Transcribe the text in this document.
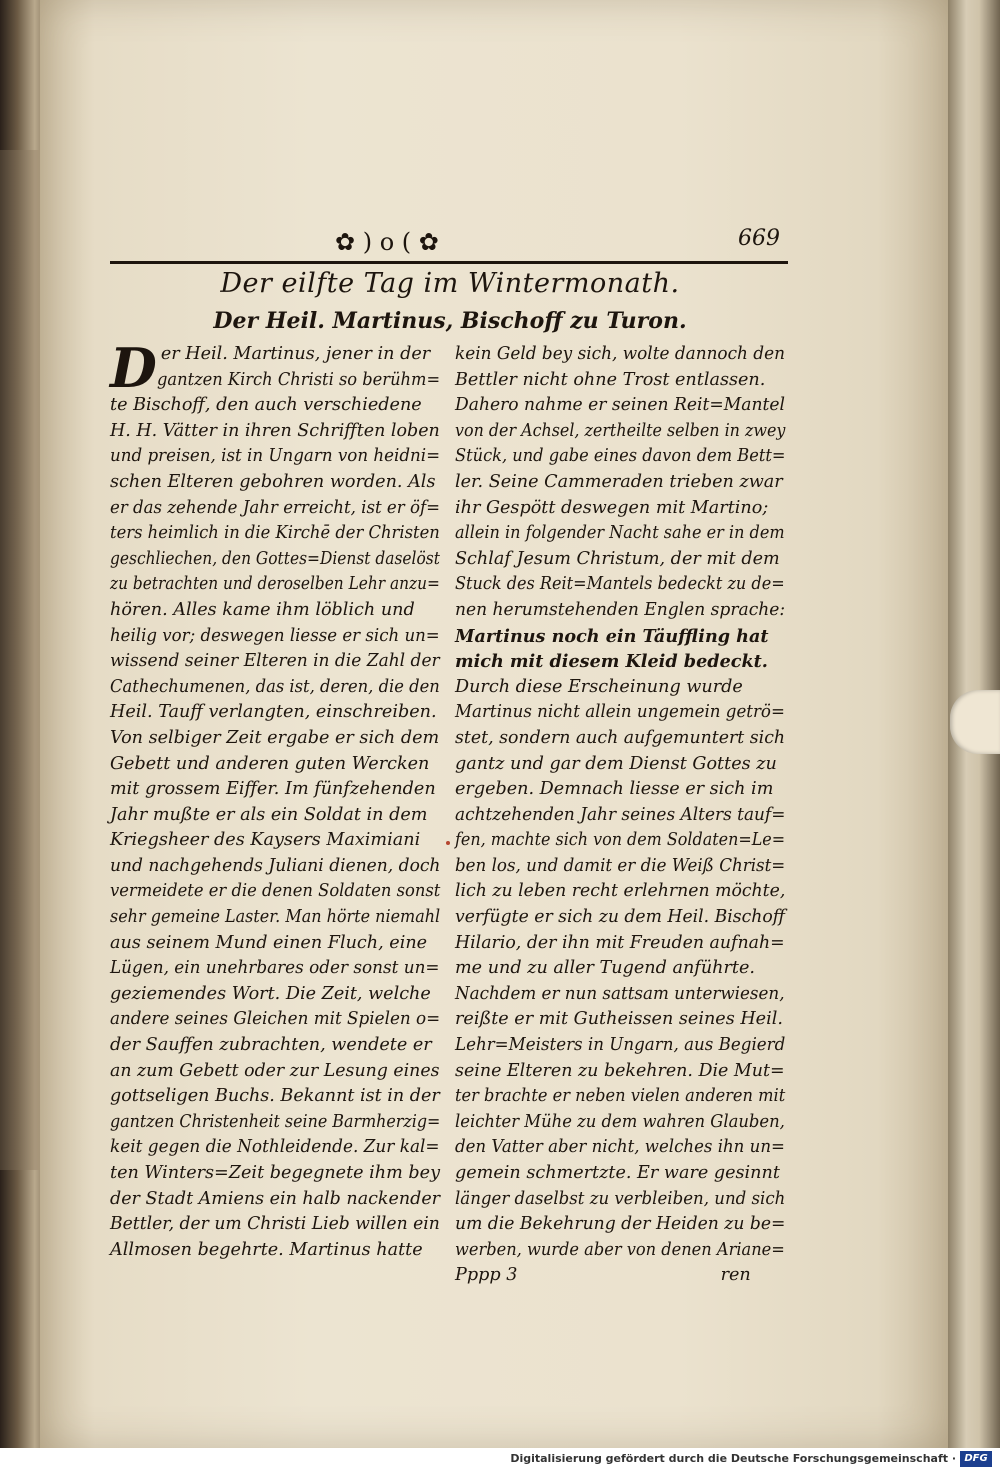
✿ ) o ( ✿	669
Der eilfte Tag im Wintermonath.
Der Heil. Martinus, Bischoff zu Turon.
D er Heil. Martinus, jener in der
gantzen Kirch Christi so berühm=
te Bischoff, den auch verschiedene
H. H. Vätter in ihren Schrifften loben
und preisen, ist in Ungarn von heidni=
schen Elteren gebohren worden. Als
er das zehende Jahr erreicht, ist er öf=
ters heimlich in die Kirchē der Christen
geschliechen, den Gottes=Dienst daselöst
zu betrachten und deroselben Lehr anzu=
hören. Alles kame ihm löblich und
heilig vor; deswegen liesse er sich un=
wissend seiner Elteren in die Zahl der
Cathechumenen, das ist, deren, die den
Heil. Tauff verlangten, einschreiben.
Von selbiger Zeit ergabe er sich dem
Gebett und anderen guten Wercken
mit grossem Eiffer. Im fünfzehenden
Jahr mußte er als ein Soldat in dem
Kriegsheer des Kaysers Maximiani
und nachgehends Juliani dienen, doch
vermeidete er die denen Soldaten sonst
sehr gemeine Laster. Man hörte niemahl
aus seinem Mund einen Fluch, eine
Lügen, ein unehrbares oder sonst un=
geziemendes Wort. Die Zeit, welche
andere seines Gleichen mit Spielen o=
der Sauffen zubrachten, wendete er
an zum Gebett oder zur Lesung eines
gottseligen Buchs. Bekannt ist in der
gantzen Christenheit seine Barmherzig=
keit gegen die Nothleidende. Zur kal=
ten Winters=Zeit begegnete ihm bey
der Stadt Amiens ein halb nackender
Bettler, der um Christi Lieb willen ein
Allmosen begehrte. Martinus hatte
kein Geld bey sich, wolte dannoch den
Bettler nicht ohne Trost entlassen.
Dahero nahme er seinen Reit=Mantel
von der Achsel, zertheilte selben in zwey
Stück, und gabe eines davon dem Bett=
ler. Seine Cammeraden trieben zwar
ihr Gespött deswegen mit Martino;
allein in folgender Nacht sahe er in dem
Schlaf Jesum Christum, der mit dem
Stuck des Reit=Mantels bedeckt zu de=
nen herumstehenden Englen sprache:
Martinus noch ein Täuffling hat
mich mit diesem Kleid bedeckt.
Durch diese Erscheinung wurde
Martinus nicht allein ungemein getrö=
stet, sondern auch aufgemuntert sich
gantz und gar dem Dienst Gottes zu
ergeben. Demnach liesse er sich im
achtzehenden Jahr seines Alters tauf=
fen, machte sich von dem Soldaten=Le=
ben los, und damit er die Weiß Christ=
lich zu leben recht erlehrnen möchte,
verfügte er sich zu dem Heil. Bischoff
Hilario, der ihn mit Freuden aufnah=
me und zu aller Tugend anführte.
Nachdem er nun sattsam unterwiesen,
reißte er mit Gutheissen seines Heil.
Lehr=Meisters in Ungarn, aus Begierd
seine Elteren zu bekehren. Die Mut=
ter brachte er neben vielen anderen mit
leichter Mühe zu dem wahren Glauben,
den Vatter aber nicht, welches ihn un=
gemein schmertzte. Er ware gesinnt
länger daselbst zu verbleiben, und sich
um die Bekehrung der Heiden zu be=
werben, wurde aber von denen Ariane=
Pppp 3	ren
Digitalisierung gefördert durch die Deutsche Forschungsgemeinschaft · DFG
